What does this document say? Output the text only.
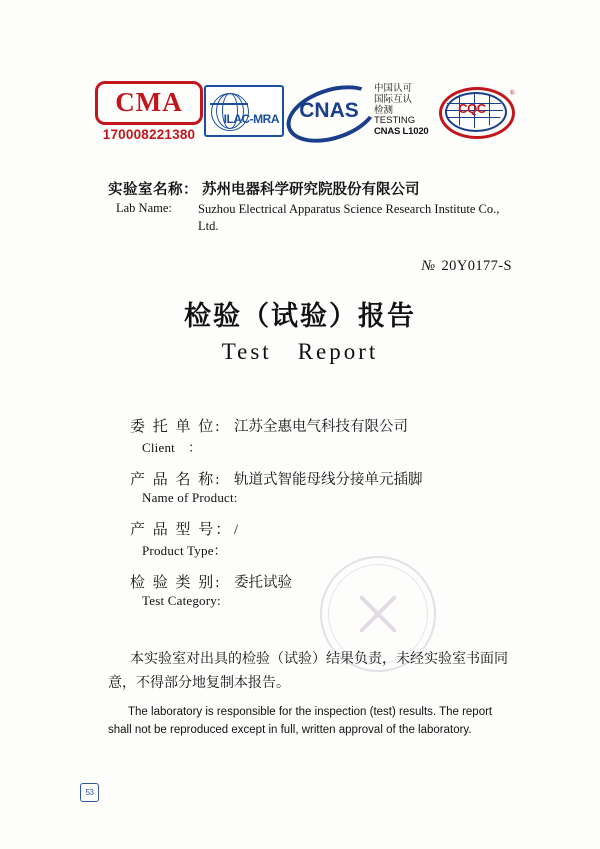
CMA
170008221380
ILAC-MRA CNAS
中国认可
国际互认
检测
TESTING
CNAS L1020
CQC
®
实验室名称： 苏州电器科学研究院股份有限公司
Lab Name:	Suzhou Electrical Apparatus Science Research Institute Co., Ltd.
№ 20Y0177-S
检验（试验）报告
Test　Report
委 托 单 位: 江苏全惠电气科技有限公司
Client　：
产 品 名 称: 轨道式智能母线分接单元插脚
Name of Product:
产 品 型 号： /
Product Type：
检 验 类 别: 委托试验
Test Category:
本实验室对出具的检验（试验）结果负责，未经实验室书面同意，不得部分地复制本报告。
The laboratory is responsible for the inspection (test) results. The report shall not be reproduced except in full, written approval of the laboratory.
53
